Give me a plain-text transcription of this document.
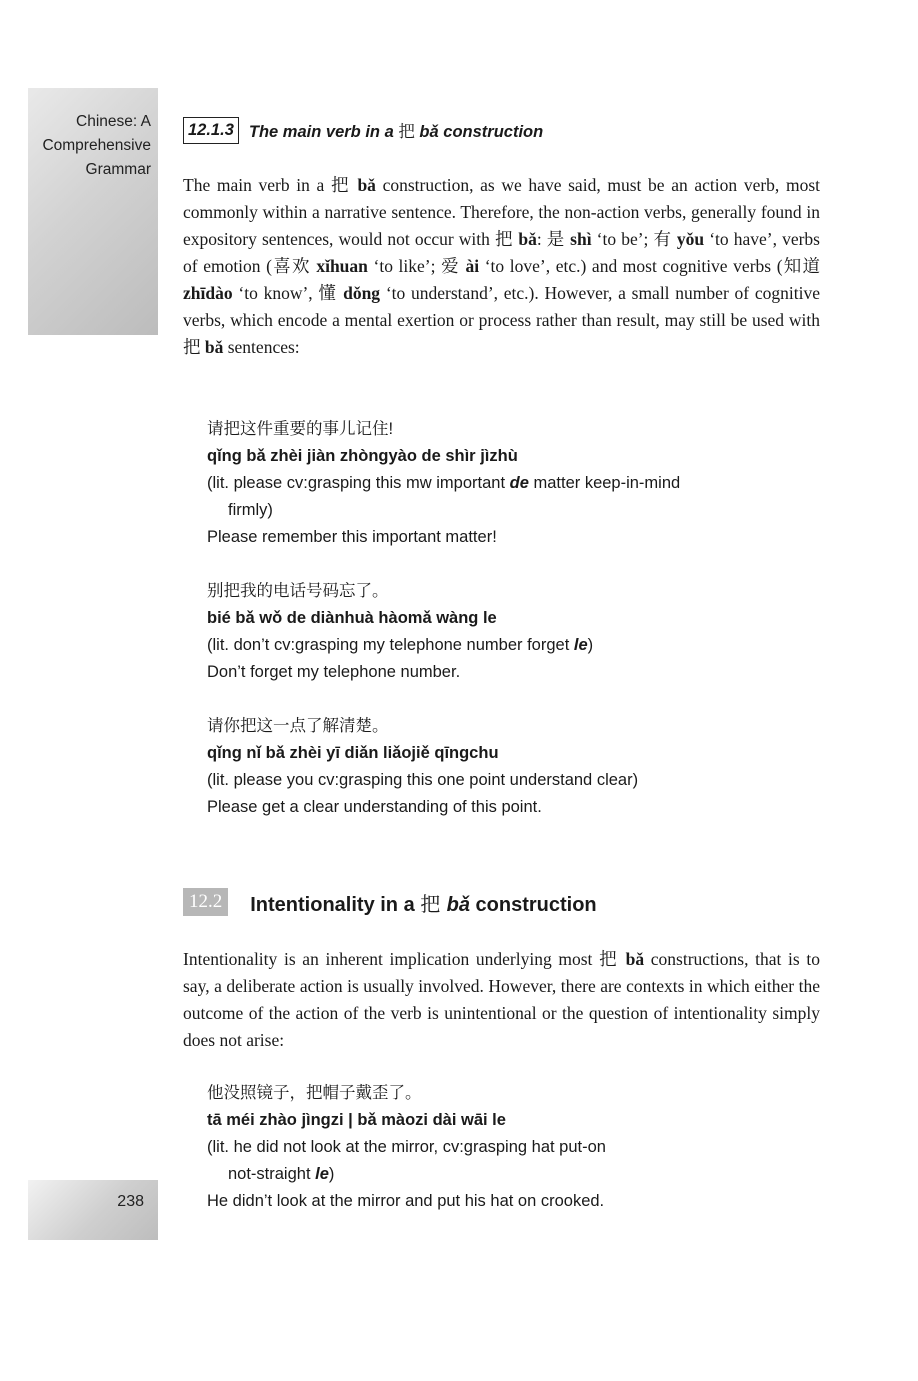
Chinese: A Comprehensive Grammar
12.1.3 The main verb in a 把 bǎ construction

The main verb in a 把 bǎ construction, as we have said, must be an action verb, most commonly within a narrative sentence. Therefore, the non-action verbs, generally found in expository sentences, would not occur with 把 bǎ: 是 shì ‘to be’; 有 yǒu ‘to have’, verbs of emotion (喜欢 xǐhuan ‘to like’; 爱 ài ‘to love’, etc.) and most cognitive verbs (知道 zhīdào ‘to know’, 懂 dǒng ‘to understand’, etc.). However, a small number of cognitive verbs, which encode a mental exertion or process rather than result, may still be used with 把 bǎ sentences:

请把这件重要的事儿记住!
qǐng bǎ zhèi jiàn zhòngyào de shìr jìzhù
(lit. please cv:grasping this mw important de matter keep-in-mind
firmly)
Please remember this important matter!
别把我的电话号码忘了。
bié bǎ wǒ de diànhuà hàomǎ wàng le
(lit. don’t cv:grasping my telephone number forget le)
Don’t forget my telephone number.
请你把这一点了解清楚。
qǐng nǐ bǎ zhèi yī diǎn liǎojiě qīngchu
(lit. please you cv:grasping this one point understand clear)
Please get a clear understanding of this point.
12.2	Intentionality in a 把 bǎ construction

Intentionality is an inherent implication underlying most 把 bǎ constructions, that is to say, a deliberate action is usually involved. However, there are contexts in which either the outcome of the action of the verb is unintentional or the question of intentionality simply does not arise:

他没照镜子，把帽子戴歪了。
tā méi zhào jìngzi | bǎ màozi dài wāi le
(lit. he did not look at the mirror, cv:grasping hat put-on
not-straight le)
He didn’t look at the mirror and put his hat on crooked.
238
